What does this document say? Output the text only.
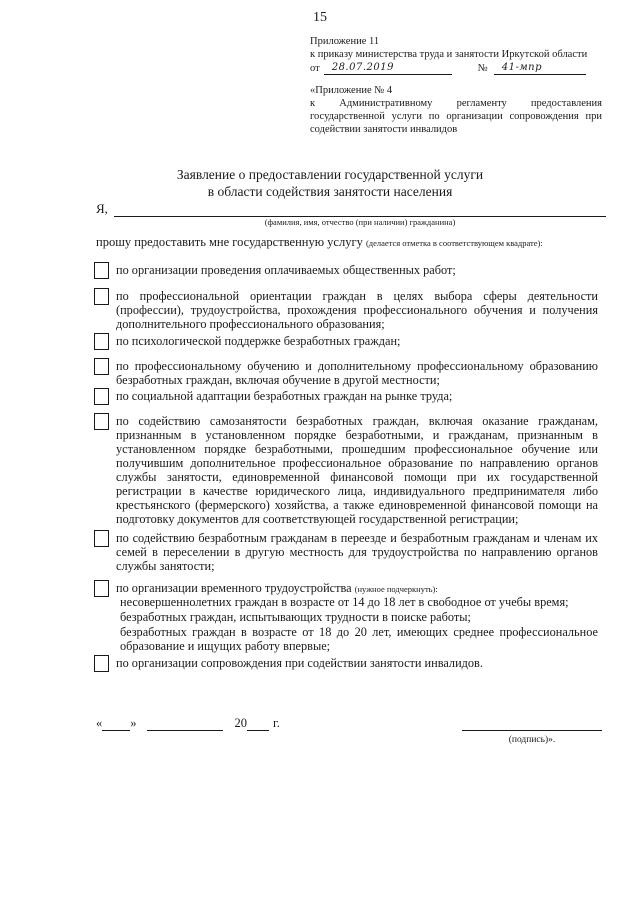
15
Приложение 11
к приказу министерства труда и занятости Иркутской области
от 28.07.2019	№ 41-мпр
«Приложение № 4
к Административному регламенту предоставления государственной услуги по организации сопровождения при содействии занятости инвалидов
Заявление о предоставлении государственной услуги
в области содействия занятости населения
Я,
(фамилия, имя, отчество (при наличии) гражданина)
прошу предоставить мне государственную услугу (делается отметка в соответствующем квадрате):
по организации проведения оплачиваемых общественных работ;
по профессиональной ориентации граждан в целях выбора сферы деятельности (профессии), трудоустройства, прохождения профессионального обучения и получения дополнительного профессионального образования;
по психологической поддержке безработных граждан;
по профессиональному обучению и дополнительному профессиональному образованию безработных граждан, включая обучение в другой местности;
по социальной адаптации безработных граждан на рынке труда;
по содействию самозанятости безработных граждан, включая оказание гражданам, признанным в установленном порядке безработными, и гражданам, признанным в установленном порядке безработными, прошедшим профессиональное обучение или получившим дополнительное профессиональное образование по направлению органов службы занятости, единовременной финансовой помощи при их государственной регистрации в качестве юридического лица, индивидуального предпринимателя либо крестьянского (фермерского) хозяйства, а также единовременной финансовой помощи на подготовку документов для соответствующей государственной регистрации;
по содействию безработным гражданам в переезде и безработным гражданам и членам их семей в переселении в другую местность для трудоустройства по направлению органов службы занятости;
по организации временного трудоустройства (нужное подчеркнуть):
несовершеннолетних граждан в возрасте от 14 до 18 лет в свободное от учебы время;
безработных граждан, испытывающих трудности в поиске работы;
безработных граждан в возрасте от 18 до 20 лет, имеющих среднее профессиональное образование и ищущих работу впервые;
по организации сопровождения при содействии занятости инвалидов.
« »	20 г.
(подпись)».
